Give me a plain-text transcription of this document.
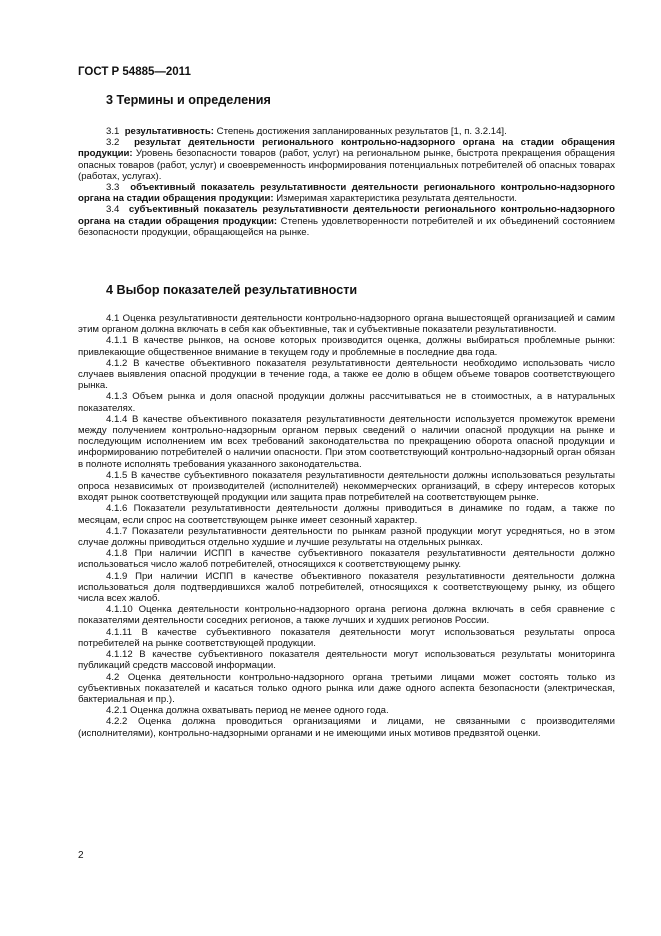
ГОСТ Р 54885—2011
3 Термины и определения

3.1 результативность: Степень достижения запланированных результатов [1, п. 3.2.14].

3.2 результат деятельности регионального контрольно-надзорного органа на стадии обращения продукции: Уровень безопасности товаров (работ, услуг) на региональном рынке, быстрота прекращения обращения опасных товаров (работ, услуг) и своевременность информирования потенциальных потребителей об опасных товарах (работах, услугах).

3.3 объективный показатель результативности деятельности регионального контрольно-надзорного органа на стадии обращения продукции: Измеримая характеристика результата деятельности.

3.4 субъективный показатель результативности деятельности регионального контрольно-надзорного органа на стадии обращения продукции: Степень удовлетворенности потребителей и их объединений состоянием безопасности продукции, обращающейся на рынке.

4 Выбор показателей результативности

4.1 Оценка результативности деятельности контрольно-надзорного органа вышестоящей организацией и самим этим органом должна включать в себя как объективные, так и субъективные показатели результативности.

4.1.1 В качестве рынков, на основе которых производится оценка, должны выбираться проблемные рынки: привлекающие общественное внимание в текущем году и проблемные в последние два года.

4.1.2 В качестве объективного показателя результативности деятельности необходимо использовать число случаев выявления опасной продукции в течение года, а также ее долю в общем объеме товаров соответствующего рынка.

4.1.3 Объем рынка и доля опасной продукции должны рассчитываться не в стоимостных, а в натуральных показателях.

4.1.4 В качестве объективного показателя результативности деятельности используется промежуток времени между получением контрольно-надзорным органом первых сведений о наличии опасной продукции на рынке и последующим исполнением им всех требований законодательства по прекращению оборота опасной продукции и информированию потребителей о наличии опасности. При этом соответствующий контрольно-надзорный орган обязан в полноте исполнять требования указанного законодательства.

4.1.5 В качестве субъективного показателя результативности деятельности должны использоваться результаты опроса независимых от производителей (исполнителей) некоммерческих организаций, в сферу интересов которых входят рынок соответствующей продукции или защита прав потребителей на соответствующем рынке.

4.1.6 Показатели результативности деятельности должны приводиться в динамике по годам, а также по месяцам, если спрос на соответствующем рынке имеет сезонный характер.

4.1.7 Показатели результативности деятельности по рынкам разной продукции могут усредняться, но в этом случае должны приводиться отдельно худшие и лучшие результаты на отдельных рынках.

4.1.8 При наличии ИСПП в качестве субъективного показателя результативности деятельности должно использоваться число жалоб потребителей, относящихся к соответствующему рынку.

4.1.9 При наличии ИСПП в качестве объективного показателя результативности деятельности должна использоваться доля подтвердившихся жалоб потребителей, относящихся к соответствующему рынку, из общего числа всех жалоб.

4.1.10 Оценка деятельности контрольно-надзорного органа региона должна включать в себя сравнение с показателями деятельности соседних регионов, а также лучших и худших регионов России.

4.1.11 В качестве субъективного показателя деятельности могут использоваться результаты опроса потребителей на рынке соответствующей продукции.

4.1.12 В качестве субъективного показателя деятельности могут использоваться результаты мониторинга публикаций средств массовой информации.

4.2 Оценка деятельности контрольно-надзорного органа третьими лицами может состоять только из субъективных показателей и касаться только одного рынка или даже одного аспекта безопасности (электрическая, бактериальная и пр.).

4.2.1 Оценка должна охватывать период не менее одного года.

4.2.2 Оценка должна проводиться организациями и лицами, не связанными с производителями (исполнителями), контрольно-надзорными органами и не имеющими иных мотивов предвзятой оценки.

2
